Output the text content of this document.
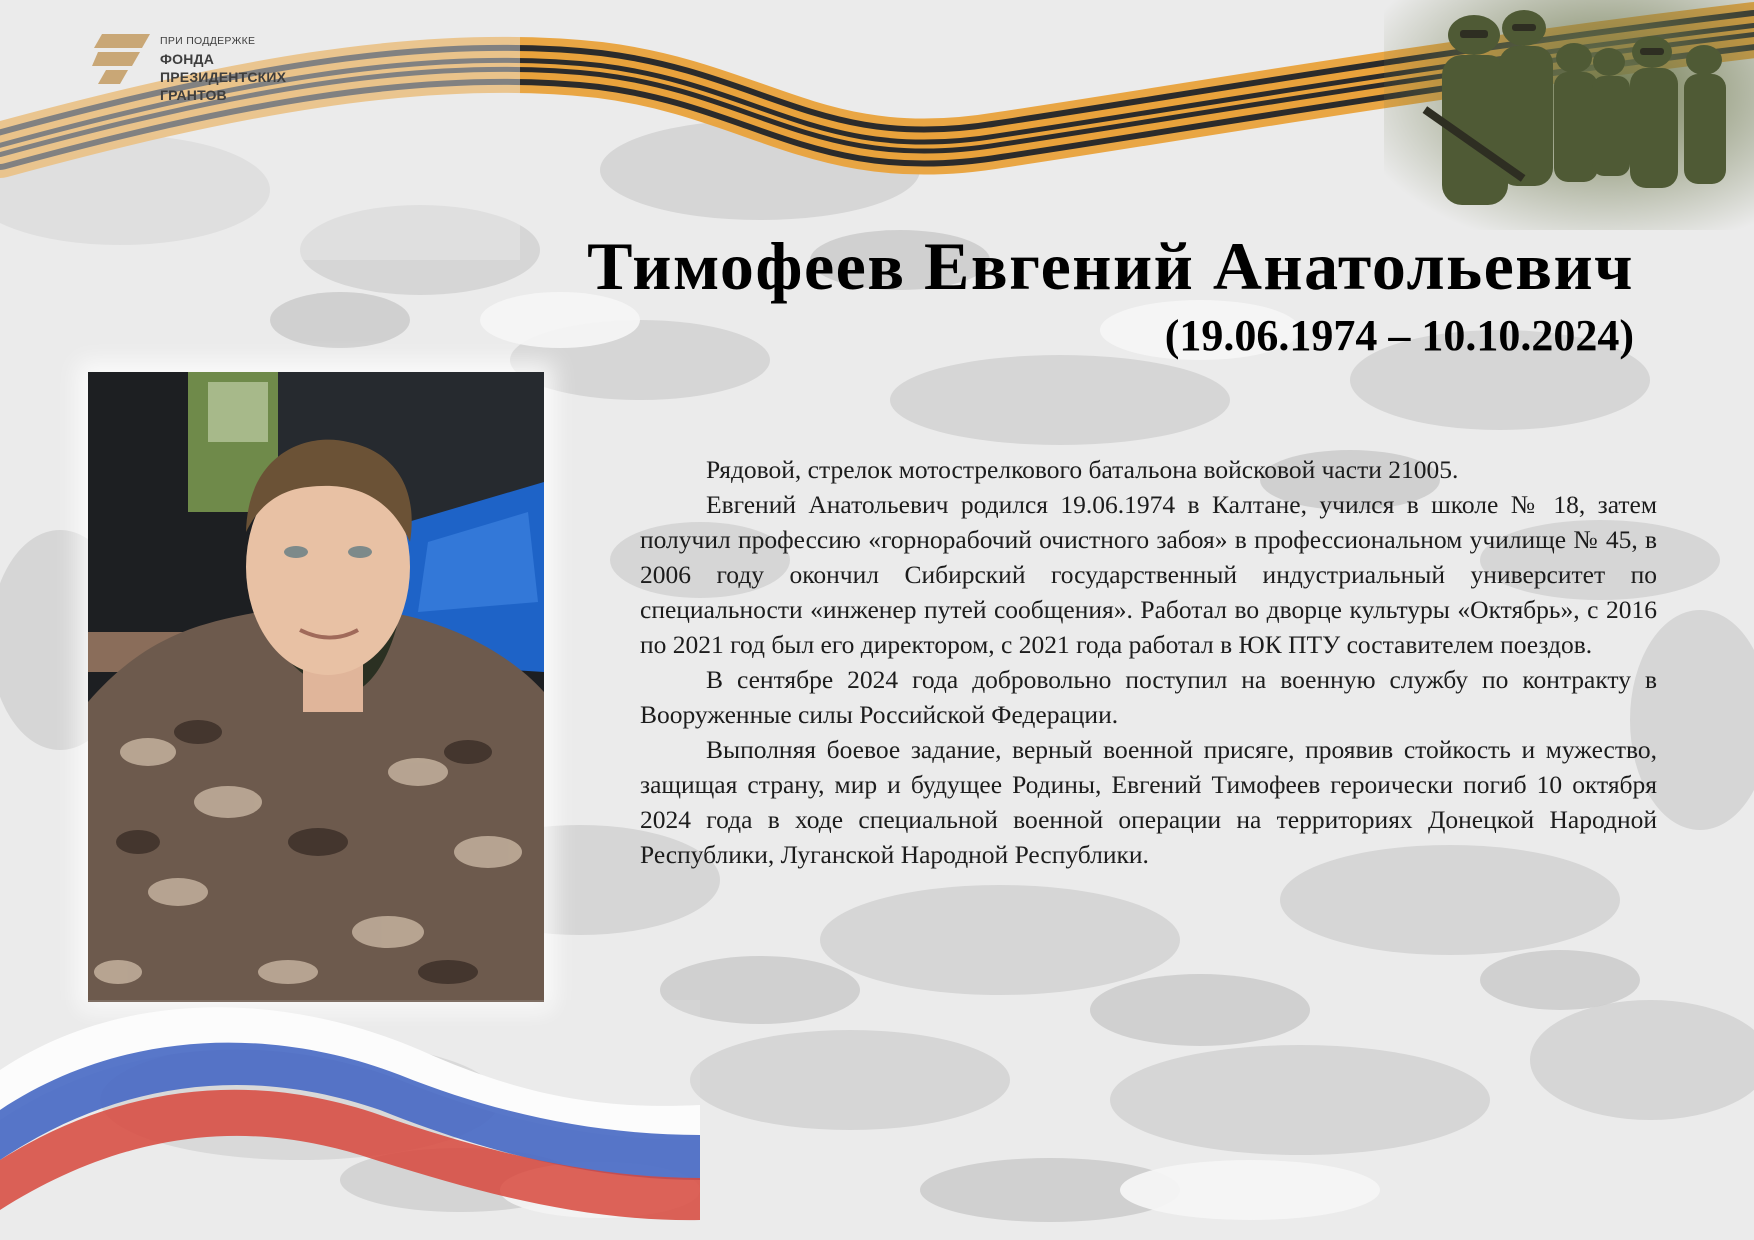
ПРИ ПОДДЕРЖКЕ
ФОНДА
ПРЕЗИДЕНТСКИХ
ГРАНТОВ
Тимофеев Евгений Анатольевич
(19.06.1974 – 10.10.2024)

Рядовой, стрелок мотострелкового батальона войсковой части 21005.

Евгений Анатольевич родился 19.06.1974 в Калтане, учился в школе № 18, затем получил профессию «горнорабочий очистного забоя» в профессиональном училище № 45, в 2006 году окончил Сибирский государственный индустриальный университет по специальности «инженер путей сообщения». Работал во дворце культуры «Октябрь», с 2016 по 2021 год был его директором, с 2021 года работал в ЮК ПТУ составителем поездов.

В сентябре 2024 года добровольно поступил на военную службу по контракту в Вооруженные силы Российской Федерации.

Выполняя боевое задание, верный военной присяге, проявив стойкость и мужество, защищая страну, мир и будущее Родины, Евгений Тимофеев героически погиб 10 октября 2024 года в ходе специальной военной операции на территориях Донецкой Народной Республики, Луганской Народной Республики.
